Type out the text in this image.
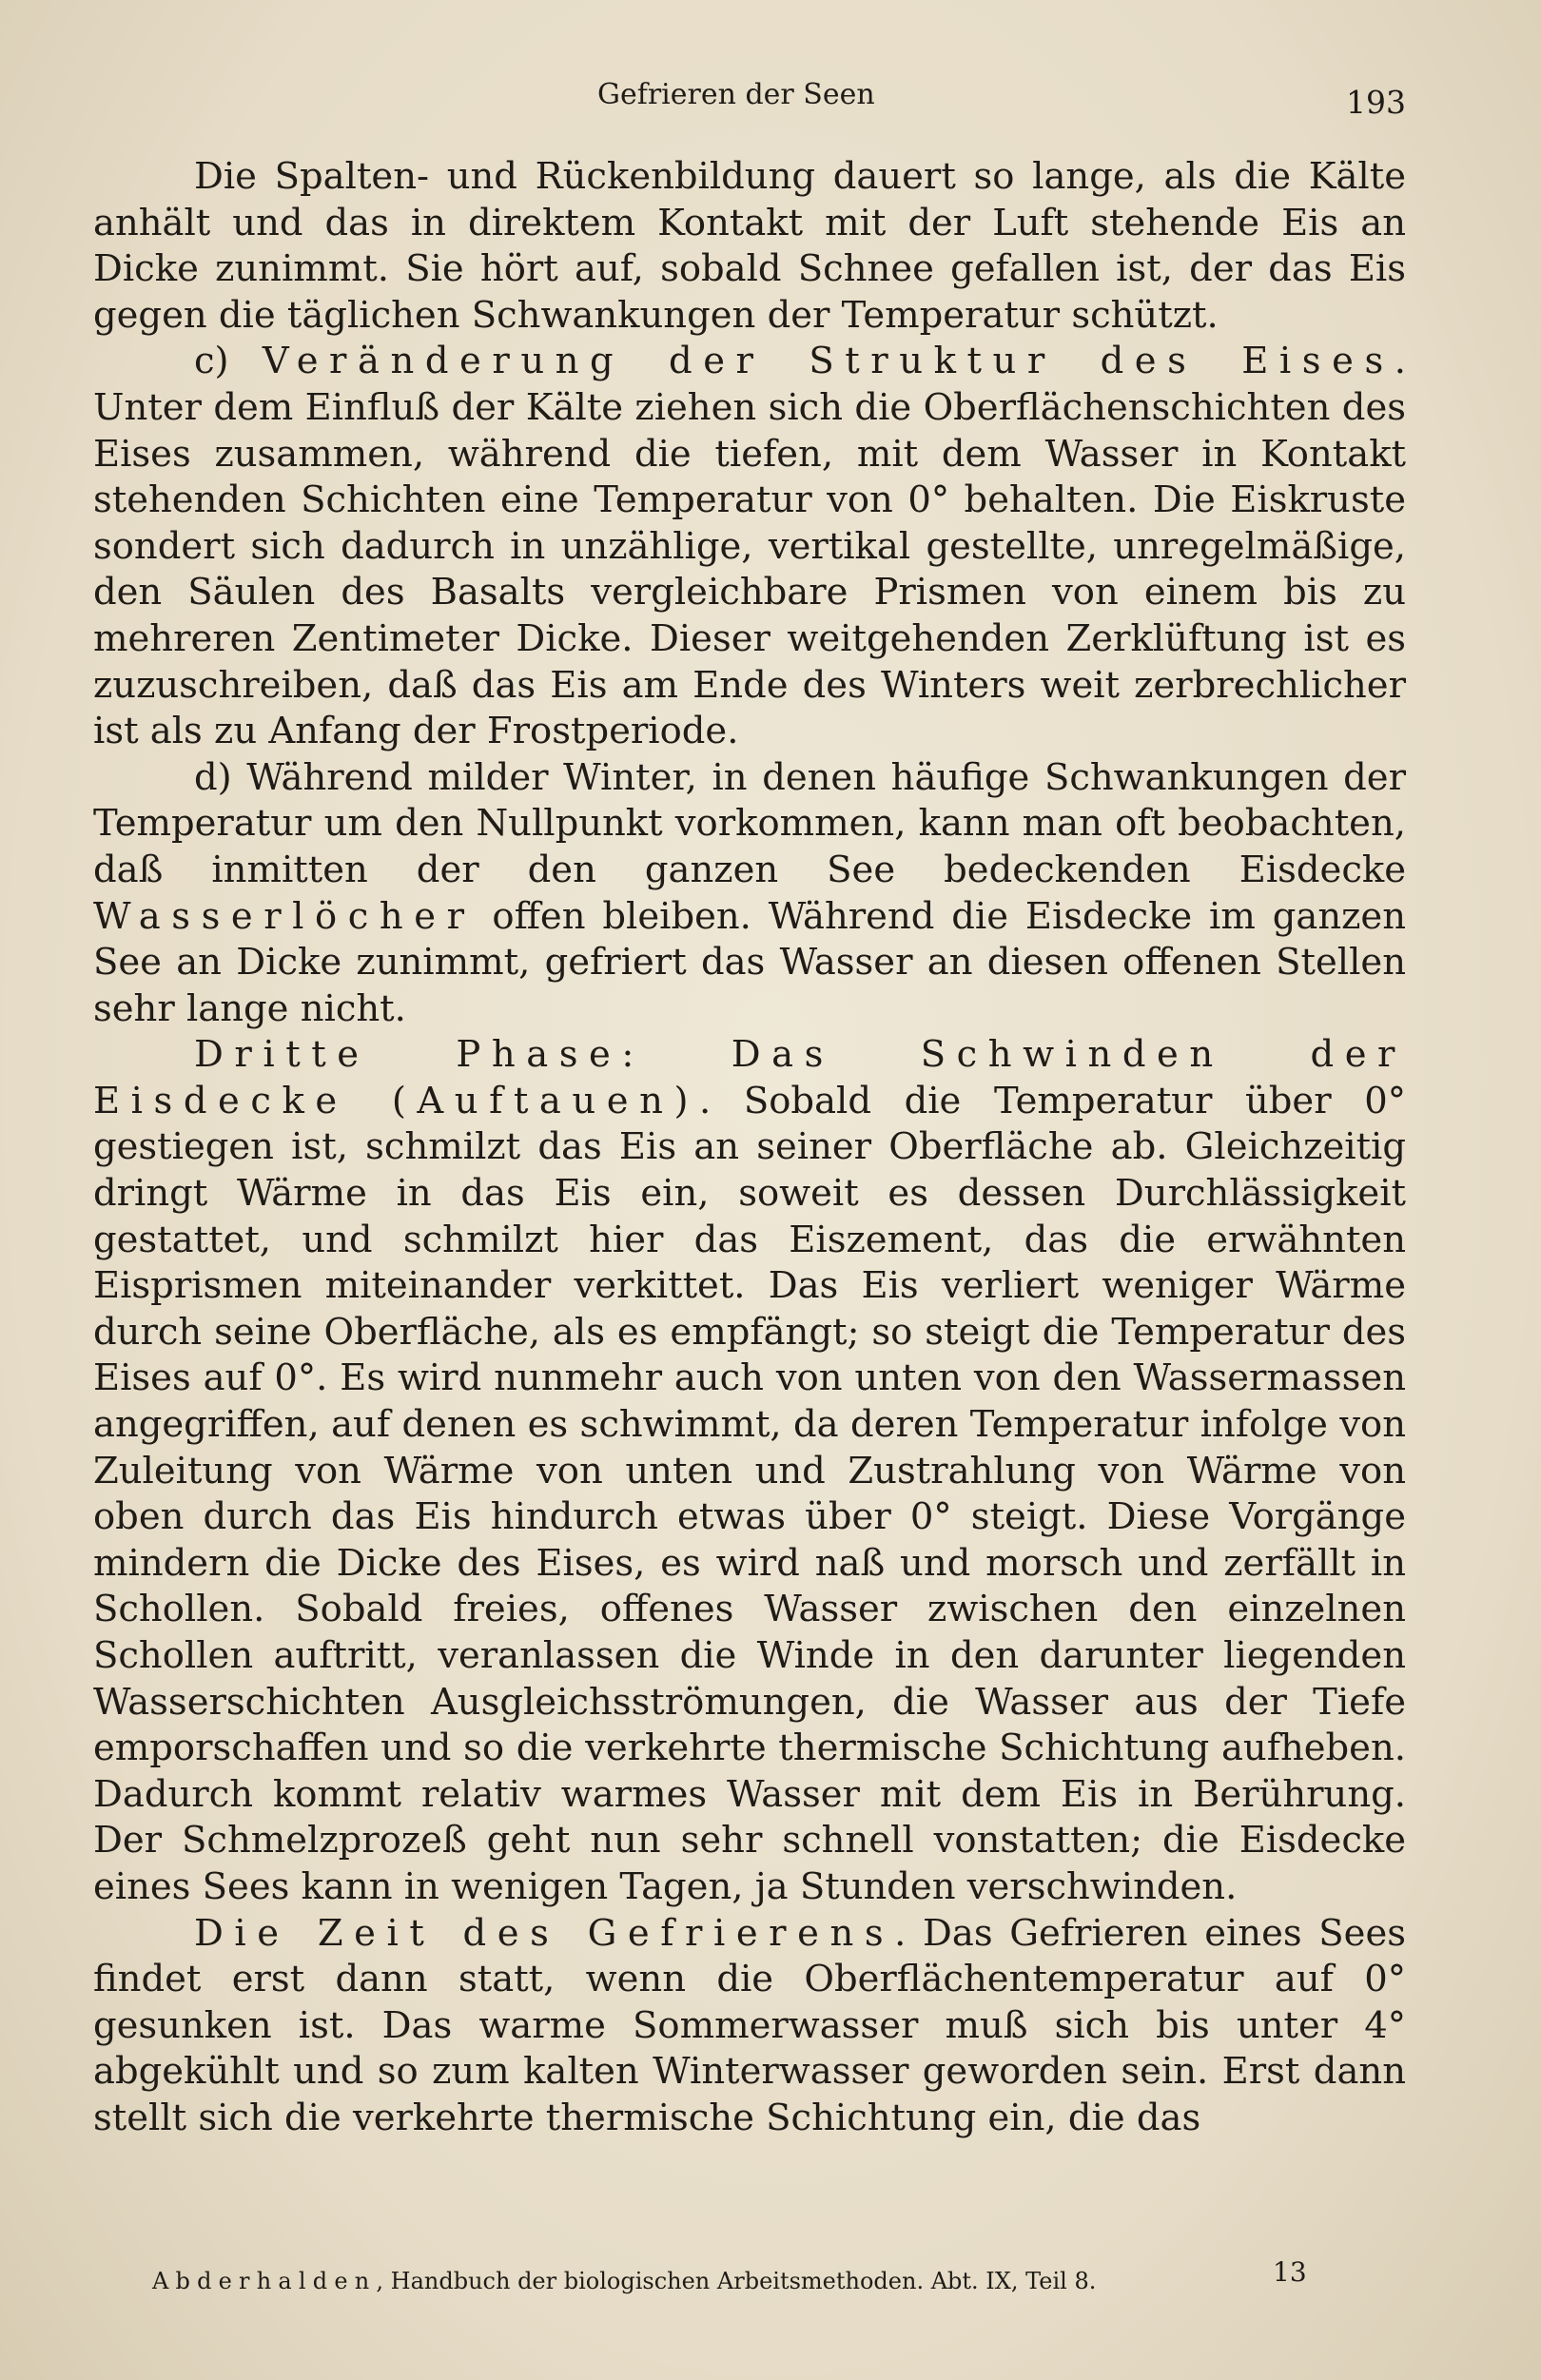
Gefrieren der Seen	193

Die Spalten- und Rückenbildung dauert so lange, als die Kälte anhält und das in direktem Kontakt mit der Luft stehende Eis an Dicke zunimmt. Sie hört auf, sobald Schnee gefallen ist, der das Eis gegen die täglichen Schwankungen der Temperatur schützt.

c) Veränderung der Struktur des Eises. Unter dem Einfluß der Kälte ziehen sich die Oberflächenschichten des Eises zusammen, während die tiefen, mit dem Wasser in Kontakt stehenden Schichten eine Temperatur von 0° behalten. Die Eiskruste sondert sich dadurch in unzählige, vertikal gestellte, unregelmäßige, den Säulen des Basalts vergleichbare Prismen von einem bis zu mehreren Zentimeter Dicke. Dieser weitgehenden Zerklüftung ist es zuzuschreiben, daß das Eis am Ende des Winters weit zerbrechlicher ist als zu Anfang der Frostperiode.

d) Während milder Winter, in denen häufige Schwankungen der Temperatur um den Nullpunkt vorkommen, kann man oft beobachten, daß inmitten der den ganzen See bedeckenden Eisdecke Wasserlöcher offen bleiben. Während die Eisdecke im ganzen See an Dicke zunimmt, gefriert das Wasser an diesen offenen Stellen sehr lange nicht.

Dritte Phase: Das Schwinden der Eisdecke (Auftauen). Sobald die Temperatur über 0° gestiegen ist, schmilzt das Eis an seiner Oberfläche ab. Gleichzeitig dringt Wärme in das Eis ein, soweit es dessen Durchlässigkeit gestattet, und schmilzt hier das Eiszement, das die erwähnten Eisprismen miteinander verkittet. Das Eis verliert weniger Wärme durch seine Oberfläche, als es empfängt; so steigt die Temperatur des Eises auf 0°. Es wird nunmehr auch von unten von den Wassermassen angegriffen, auf denen es schwimmt, da deren Temperatur infolge von Zuleitung von Wärme von unten und Zustrahlung von Wärme von oben durch das Eis hindurch etwas über 0° steigt. Diese Vorgänge mindern die Dicke des Eises, es wird naß und morsch und zerfällt in Schollen. Sobald freies, offenes Wasser zwischen den einzelnen Schollen auftritt, veranlassen die Winde in den darunter liegenden Wasserschichten Ausgleichsströmungen, die Wasser aus der Tiefe emporschaffen und so die verkehrte thermische Schichtung aufheben. Dadurch kommt relativ warmes Wasser mit dem Eis in Berührung. Der Schmelzprozeß geht nun sehr schnell vonstatten; die Eisdecke eines Sees kann in wenigen Tagen, ja Stunden verschwinden.

Die Zeit des Gefrierens. Das Gefrieren eines Sees findet erst dann statt, wenn die Oberflächentemperatur auf 0° gesunken ist. Das warme Sommerwasser muß sich bis unter 4° abgekühlt und so zum kalten Winterwasser geworden sein. Erst dann stellt sich die verkehrte thermische Schichtung ein, die das

Abderhalden, Handbuch der biologischen Arbeitsmethoden. Abt. IX, Teil 8.	13
